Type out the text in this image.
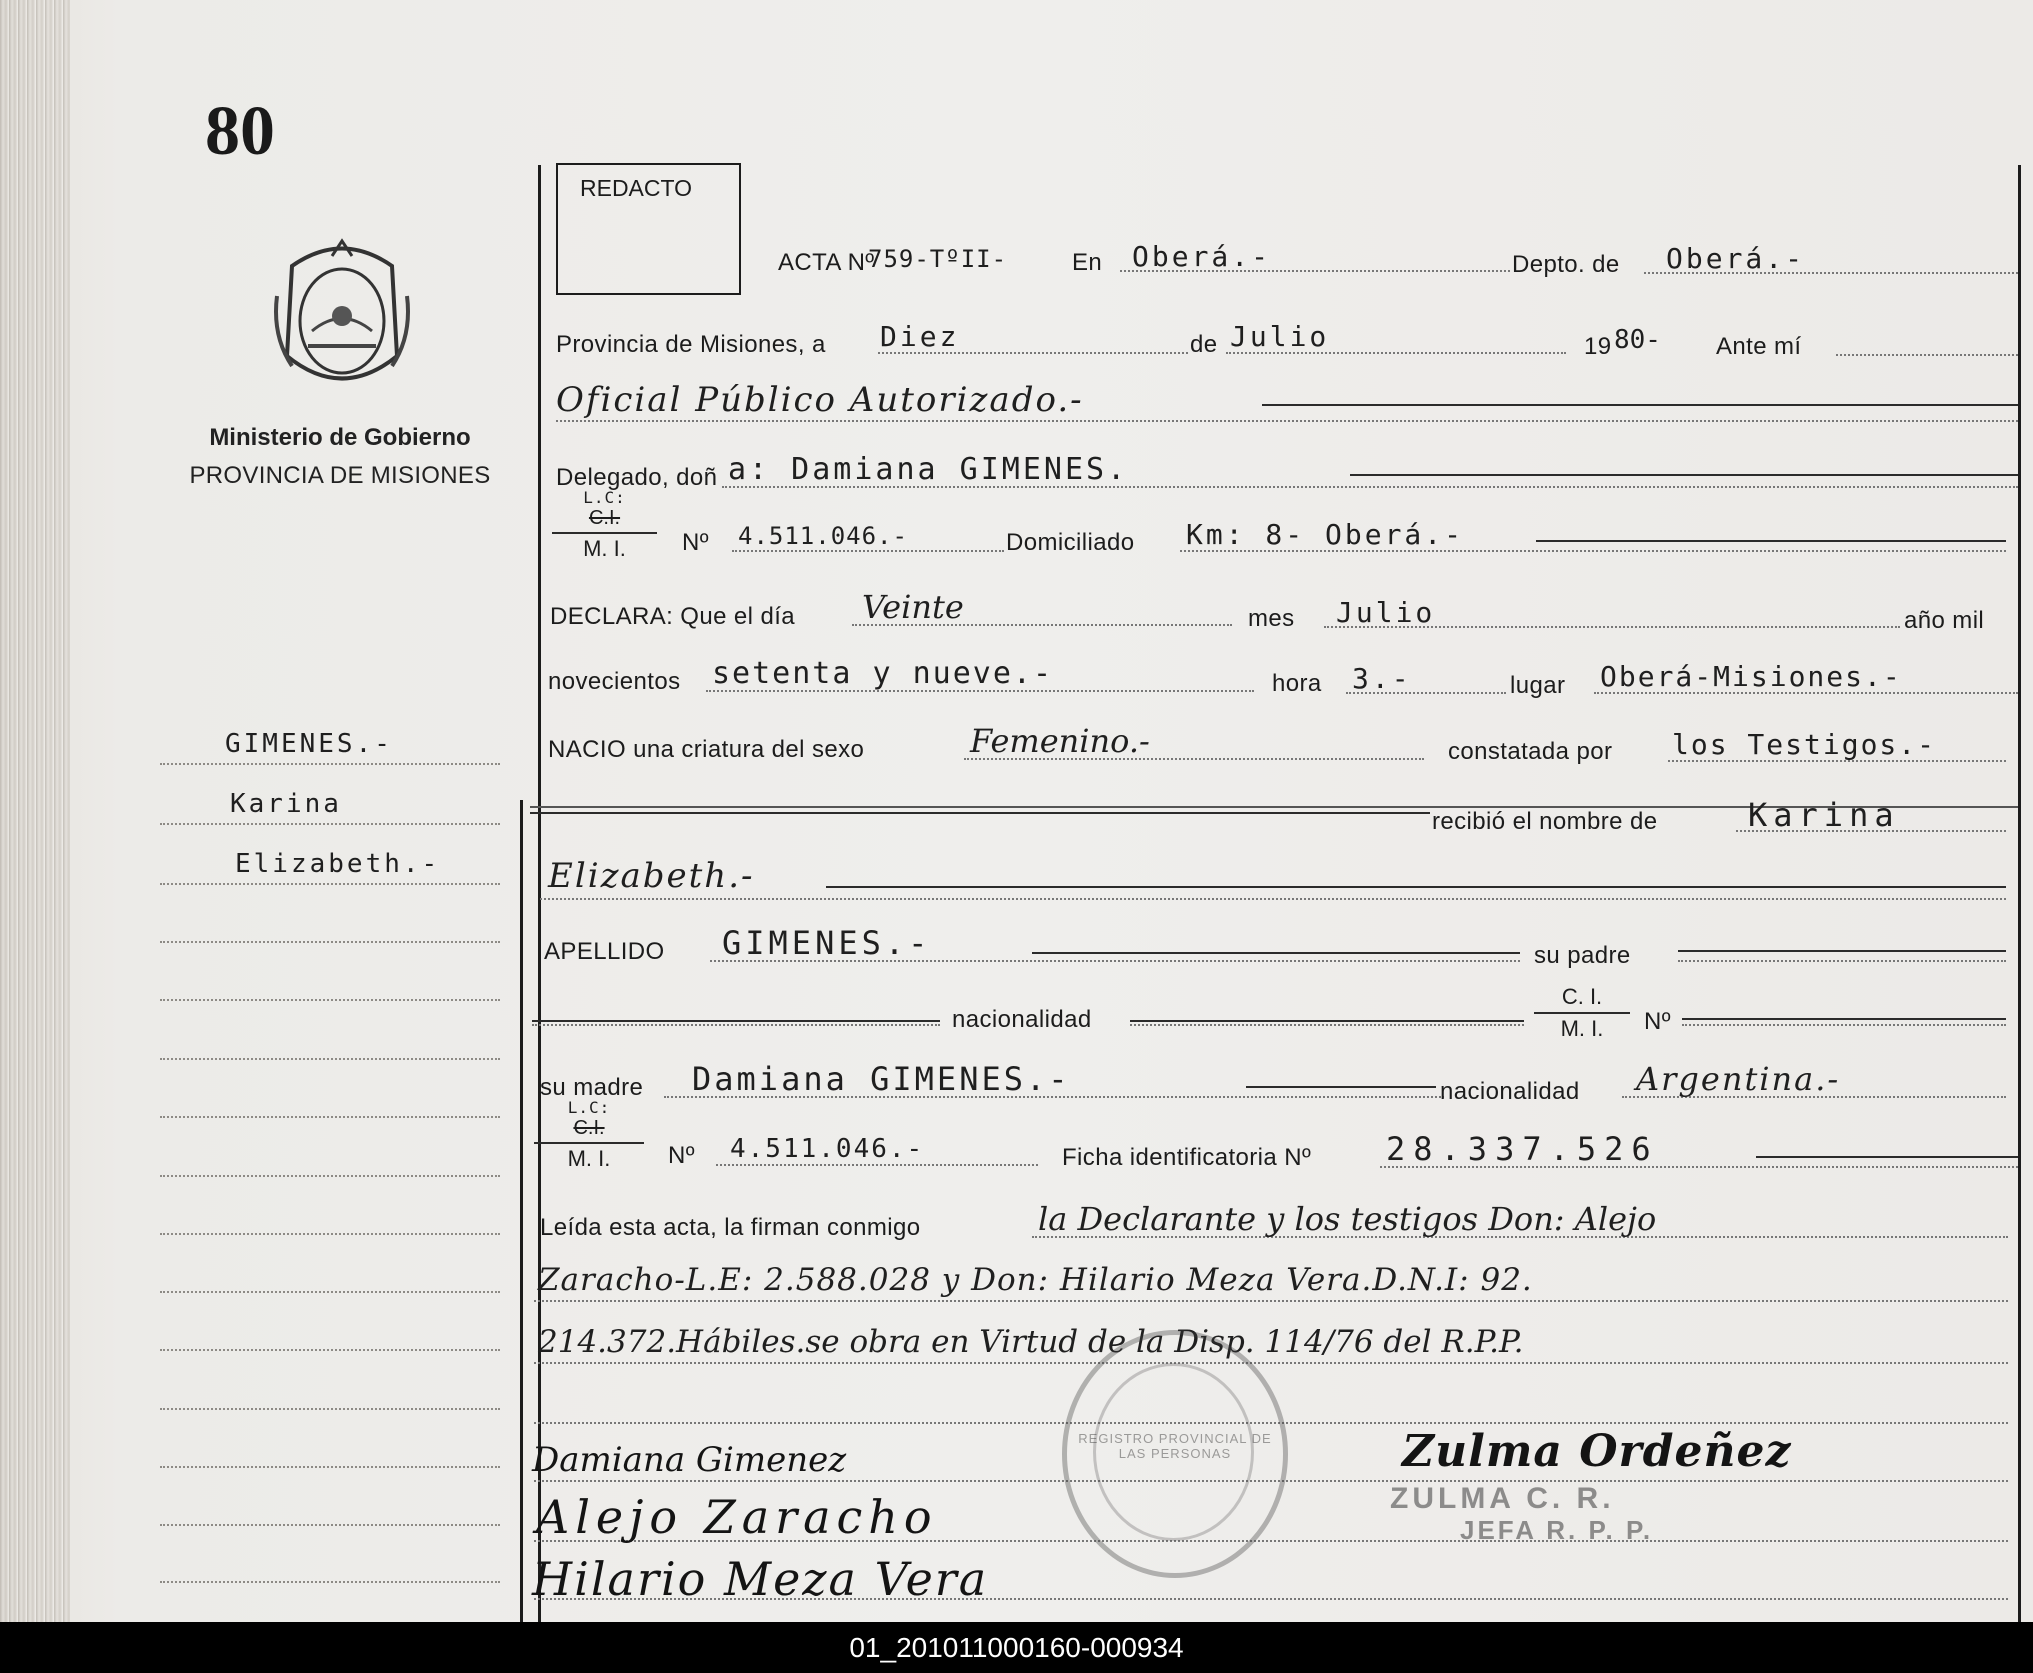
80
Ministerio de Gobierno
PROVINCIA DE MISIONES
GIMENES.-
Karina
Elizabeth.-
REDACTO
ACTA Nº
759-TºII-	En Oberá.-	Depto. de Oberá.-
Provincia de Misiones, a Diez	de Julio	19 80- Ante mí
Oficial Público Autorizado.-
Delegado, doñ a: Damiana GIMENES.
L.C:
C.I.
M. I.	Nº 4.511.046.-	Domiciliado Km: 8- Oberá.-
DECLARA: Que el día Veinte	mes Julio	año mil
novecientos setenta y nueve.-	hora 3.-	lugar Oberá-Misiones.-
NACIO una criatura del sexo	Femenino.-	constatada por los Testigos.-
recibió el nombre de	Karina
Elizabeth.-
APELLIDO GIMENES.-	su padre
nacionalidad
C. I.
M. I.	Nº
su madre Damiana GIMENES.-	nacionalidad Argentina.-
L.C:
C.I.
M. I.	Nº 4.511.046.-	Ficha identificatoria Nº 28.337.526
Leída esta acta, la firman conmigo	la Declarante y los testigos Don: Alejo
Zaracho-L.E: 2.588.028 y Don: Hilario Meza Vera.D.N.I: 92.
214.372.Hábiles.se obra en Virtud de la Disp. 114/76 del R.P.P.
REGISTRO PROVINCIAL DE LAS PERSONAS
Damiana Gimenez
Alejo Zaracho
Hilario Meza Vera
ZULMA C. R.
JEFA R. P. P.
Zulma Ordeñez
01_201011000160-000934
